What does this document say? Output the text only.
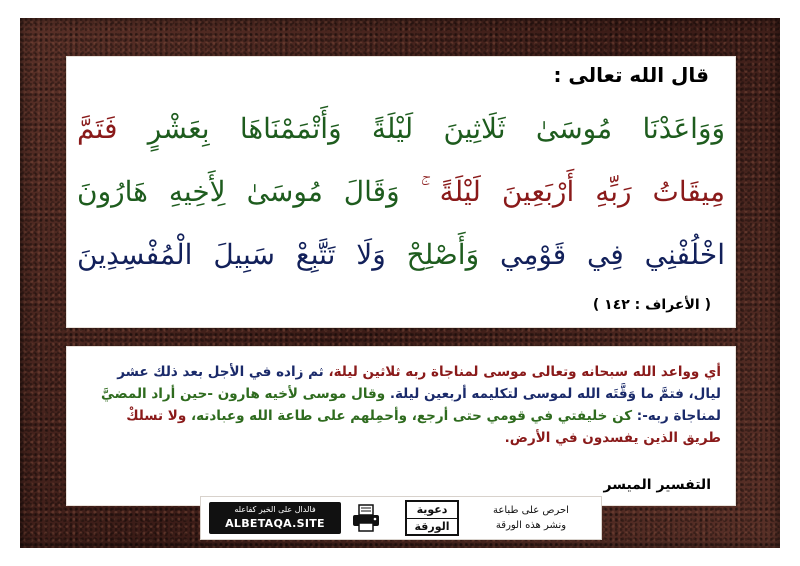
قال الله تعالى :

وَوَاعَدْنَا مُوسَىٰ ثَلَاثِينَ لَيْلَةً وَأَتْمَمْنَاهَا بِعَشْرٍ فَتَمَّ
مِيقَاتُ رَبِّهِ أَرْبَعِينَ لَيْلَةً ۚ وَقَالَ مُوسَىٰ لِأَخِيهِ هَارُونَ
اخْلُفْنِي فِي قَوْمِي وَأَصْلِحْ وَلَا تَتَّبِعْ سَبِيلَ الْمُفْسِدِينَ

( الأعراف : ١٤٢ )

أي وواعد الله سبحانه وتعالى موسى لمناجاة ربه ثلاثين ليلة، ثم زاده في الأجل بعد ذلك عشر
ليال، فتمَّ ما وَقَّتَه الله لموسى لتكليمه أربعين ليلة. وقال موسى لأخيه هارون -حين أراد المضيَّ
لمناجاة ربه-: كن خليفتي في قومي حتى أرجع، وأحمِلهم على طاعة الله وعبادته، ولا تسلكْ
طريق الذين يفسدون في الأرض.

التفسير الميسر

فالدال على الخير كفاعله
ALBETAQA.SITE
دعوية
الورقة

احرص على طباعة
ونشر هذه الورقة
